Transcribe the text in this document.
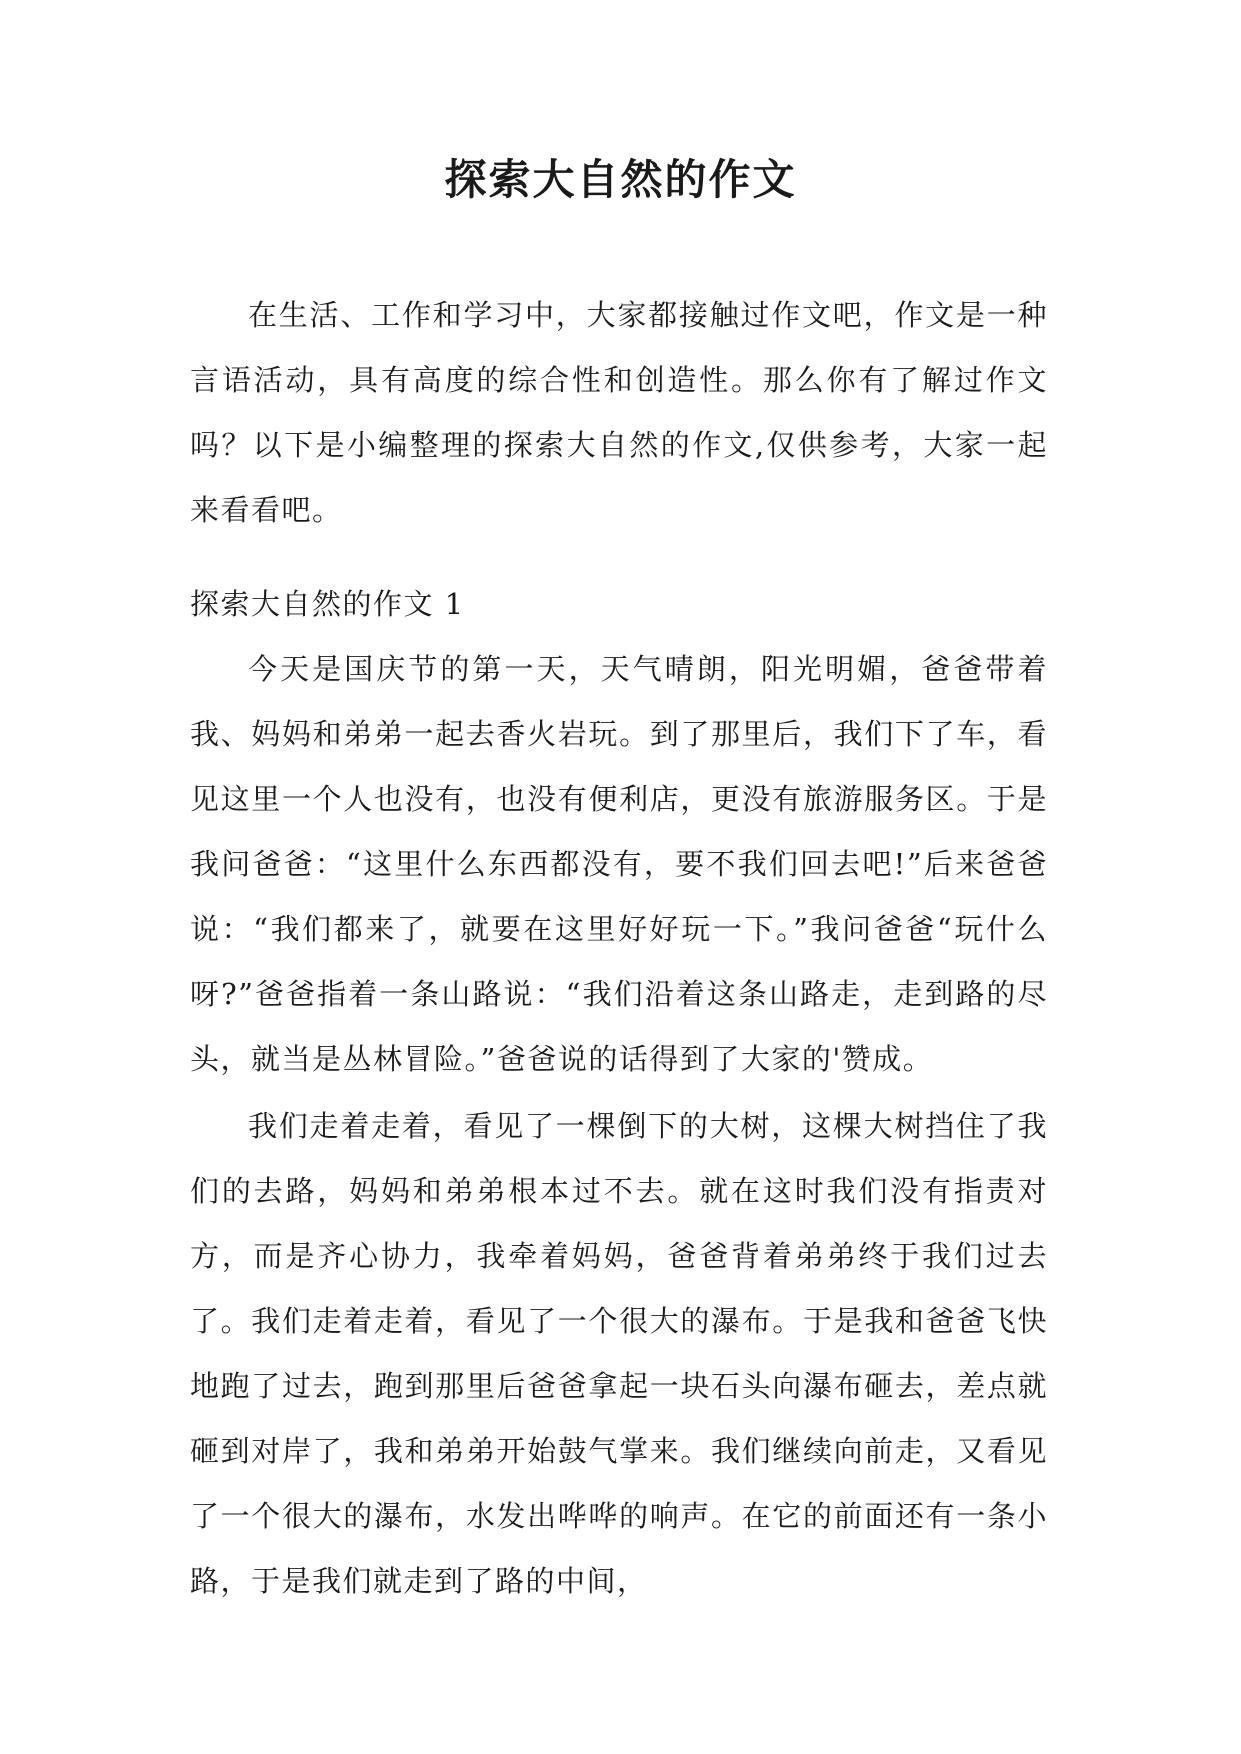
探索大自然的作文

在生活、工作和学习中，大家都接触过作文吧，作文是一种言语活动，具有高度的综合性和创造性。那么你有了解过作文吗？以下是小编整理的探索大自然的作文,仅供参考，大家一起来看看吧。

探索大自然的作文 1

今天是国庆节的第一天，天气晴朗，阳光明媚，爸爸带着我、妈妈和弟弟一起去香火岩玩。到了那里后，我们下了车，看见这里一个人也没有，也没有便利店，更没有旅游服务区。于是我问爸爸：“这里什么东西都没有，要不我们回去吧!”后来爸爸说：“我们都来了，就要在这里好好玩一下。”我问爸爸“玩什么呀?”爸爸指着一条山路说：“我们沿着这条山路走，走到路的尽头，就当是丛林冒险。”爸爸说的话得到了大家的'赞成。

我们走着走着，看见了一棵倒下的大树，这棵大树挡住了我们的去路，妈妈和弟弟根本过不去。就在这时我们没有指责对方，而是齐心协力，我牵着妈妈，爸爸背着弟弟终于我们过去了。我们走着走着，看见了一个很大的瀑布。于是我和爸爸飞快地跑了过去，跑到那里后爸爸拿起一块石头向瀑布砸去，差点就砸到对岸了，我和弟弟开始鼓气掌来。我们继续向前走，又看见了一个很大的瀑布，水发出哗哗的响声。在它的前面还有一条小路，于是我们就走到了路的中间，
